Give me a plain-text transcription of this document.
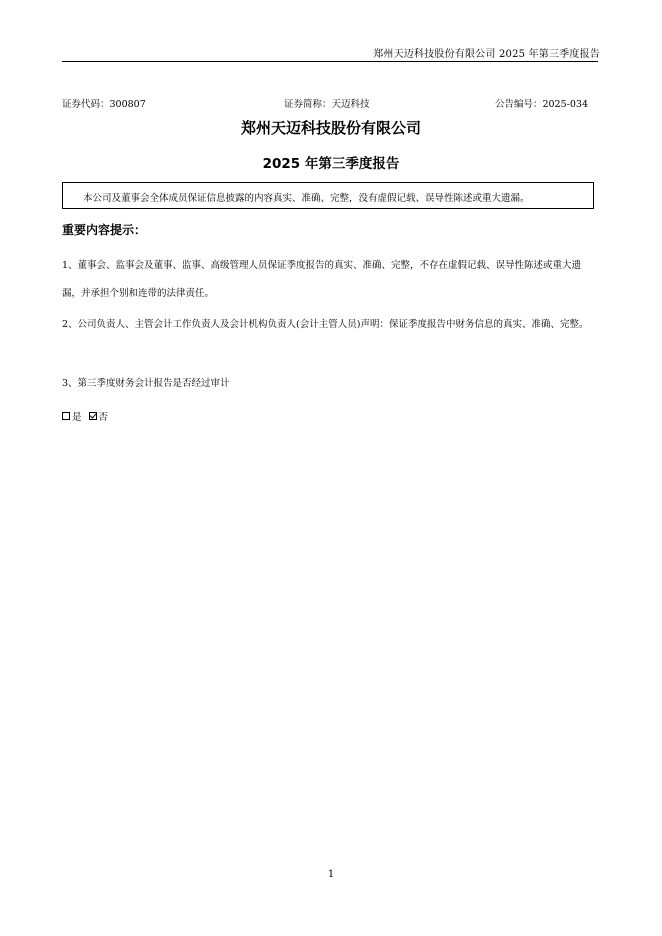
郑州天迈科技股份有限公司 2025 年第三季度报告
证券代码：300807	证券简称：天迈科技	公告编号：2025-034
郑州天迈科技股份有限公司
2025 年第三季度报告
本公司及董事会全体成员保证信息披露的内容真实、准确、完整，没有虚假记载、误导性陈述或重大遗漏。
重要内容提示：
1、董事会、监事会及董事、监事、高级管理人员保证季度报告的真实、准确、完整，不存在虚假记载、误导性陈述或重大遗漏，并承担个别和连带的法律责任。
2、公司负责人、主管会计工作负责人及会计机构负责人(会计主管人员)声明：保证季度报告中财务信息的真实、准确、完整。
3、第三季度财务会计报告是否经过审计
是 否
1
